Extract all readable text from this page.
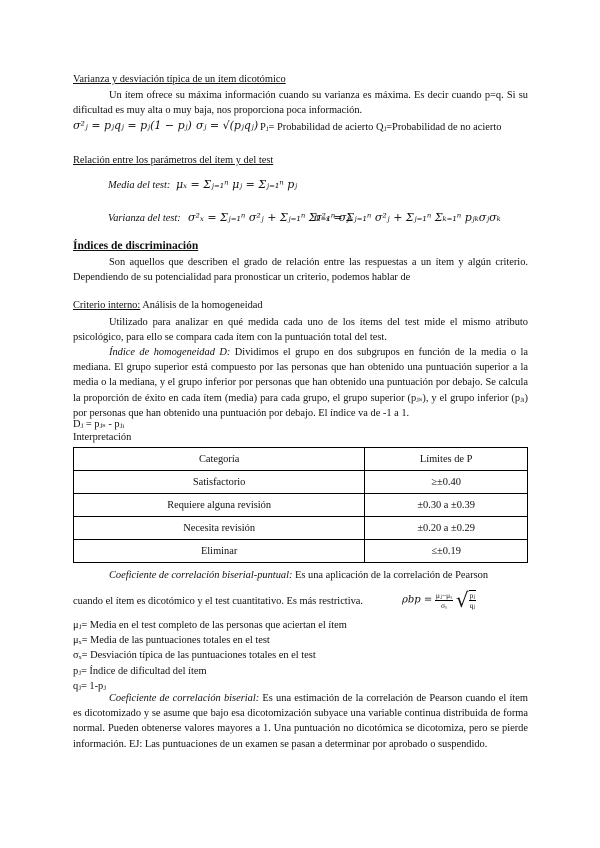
Varianza y desviación típica de un ítem dicotómico
Un ítem ofrece su máxima información cuando su varianza es máxima. Es decir cuando p=q. Si su dificultad es muy alta o muy baja, nos proporciona poca información.
σ²ⱼ = pⱼqⱼ = pⱼ(1 − pⱼ) σⱼ = √(pⱼqⱼ) Pⱼ= Probabilidad de acierto Qⱼ=Probabilidad de no acierto
Relación entre los parámetros del ítem y del test
Media del test: μₓ = Σⱼ₌₁ⁿ μⱼ = Σⱼ₌₁ⁿ pⱼ
Varianza del test: σ²ₓ = Σⱼ₌₁ⁿ σ²ⱼ + Σⱼ₌₁ⁿ Σₖ₌₁ⁿ σⱼₖ
σ²ₓ = Σⱼ₌₁ⁿ σ²ⱼ + Σⱼ₌₁ⁿ Σₖ₌₁ⁿ pⱼₖσⱼσₖ
Índices de discriminación
Son aquellos que describen el grado de relación entre las respuestas a un ítem y algún criterio. Dependiendo de su potencialidad para pronosticar un criterio, podemos hablar de
Criterio interno: Análisis de la homogeneidad
Utilizado para analizar en qué medida cada uno de los ítems del test mide el mismo atributo psicológico, para ello se compara cada ítem con la puntuación total del test.
Índice de homogeneidad D: Dividimos el grupo en dos subgrupos en función de la media o la mediana. El grupo superior está compuesto por las personas que han obtenido una puntuación superior a la media o la mediana, y el grupo inferior por personas que han obtenido una puntuación por debajo. Se calcula la proporción de éxito en cada ítem (media) para cada grupo, el grupo superior (pⱼₛ), y el grupo inferior (pⱼᵢ) por personas que han obtenido una puntuación por debajo. El índice va de -1 a 1.
Dⱼ = pⱼₛ - pⱼᵢ
Interpretación
Categoría	Límites de P
Satisfactorio	≥±0.40
Requiere alguna revisión	±0.30 a ±0.39
Necesita revisión	±0.20 a ±0.29
Eliminar	≤±0.19
Coeficiente de correlación biserial-puntual: Es una aplicación de la correlación de Pearson
cuando el ítem es dicotómico y el test cuantitativo. Es más restrictiva.	$\rho bp = \frac{\text{μⱼ−μₓ}}{\text{σₓ}}$ √ $\frac{\text{pⱼ}}{\text{qⱼ}}$
μⱼ= Media en el test completo de las personas que aciertan el ítem
μₓ= Media de las puntuaciones totales en el test
σₓ= Desviación típica de las puntuaciones totales en el test
pⱼ= Índice de dificultad del ítem
qⱼ= 1-pⱼ
Coeficiente de correlación biserial: Es una estimación de la correlación de Pearson cuando el ítem es dicotomizado y se asume que bajo esa dicotomización subyace una variable continua distribuida de forma normal. Pueden obtenerse valores mayores a 1. Una puntuación no dicotómica se dicotomiza, pero se pierde información. EJ: Las puntuaciones de un examen se pasan a determinar por aprobado o suspendido.
